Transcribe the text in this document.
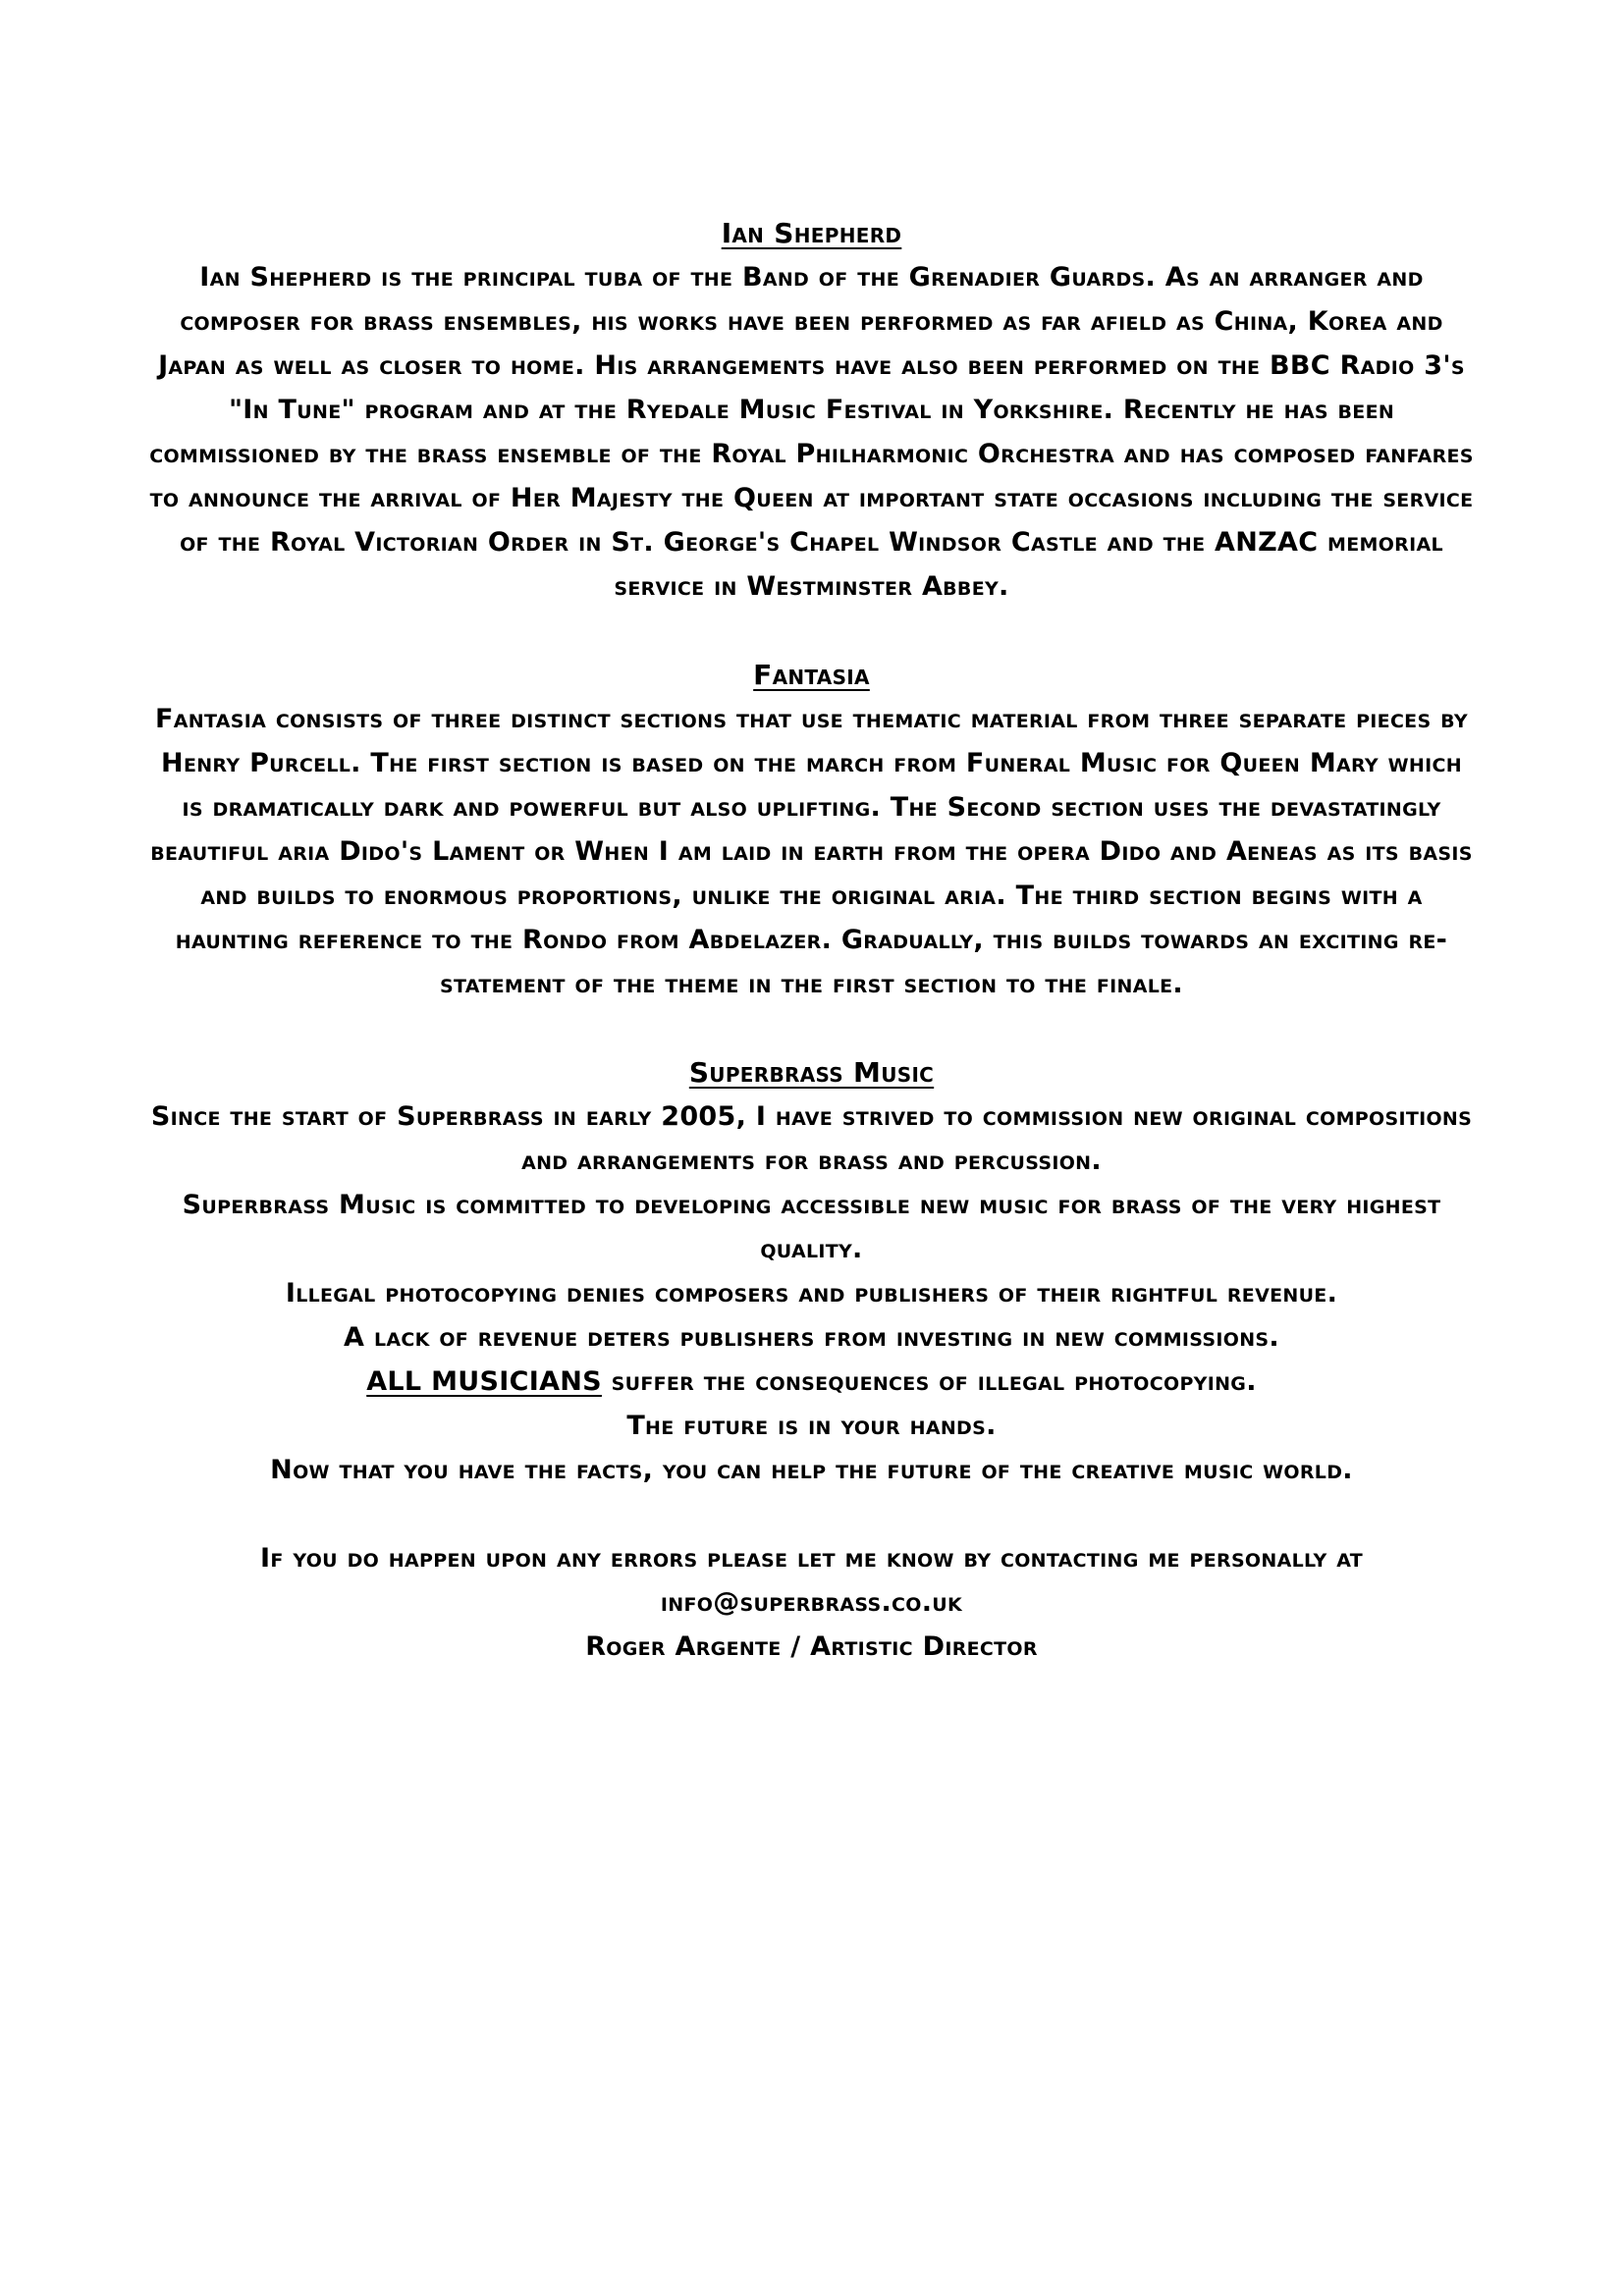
Ian Shepherd

Ian Shepherd is the principal tuba of the Band of the Grenadier Guards. As an arranger and composer for brass ensembles, his works have been performed as far afield as China, Korea and Japan as well as closer to home. His arrangements have also been performed on the BBC Radio 3's "In Tune" program and at the Ryedale Music Festival in Yorkshire. Recently he has been commissioned by the brass ensemble of the Royal Philharmonic Orchestra and has composed fanfares to announce the arrival of Her Majesty the Queen at important state occasions including the service of the Royal Victorian Order in St. George's Chapel Windsor Castle and the ANZAC memorial service in Westminster Abbey.

Fantasia

Fantasia consists of three distinct sections that use thematic material from three separate pieces by Henry Purcell. The first section is based on the march from Funeral Music for Queen Mary which is dramatically dark and powerful but also uplifting. The Second section uses the devastatingly beautiful aria Dido's Lament or When I am laid in earth from the opera Dido and Aeneas as its basis and builds to enormous proportions, unlike the original aria. The third section begins with a haunting reference to the Rondo from Abdelazer. Gradually, this builds towards an exciting re-statement of the theme in the first section to the finale.

Superbrass Music

Since the start of Superbrass in early 2005, I have strived to commission new original compositions and arrangements for brass and percussion.

Superbrass Music is committed to developing accessible new music for brass of the very highest quality.

Illegal photocopying denies composers and publishers of their rightful revenue.

A lack of revenue deters publishers from investing in new commissions.

ALL MUSICIANS suffer the consequences of illegal photocopying.

The future is in your hands.

Now that you have the facts, you can help the future of the creative music world.

If you do happen upon any errors please let me know by contacting me personally at

info@superbrass.co.uk

Roger Argente / Artistic Director
